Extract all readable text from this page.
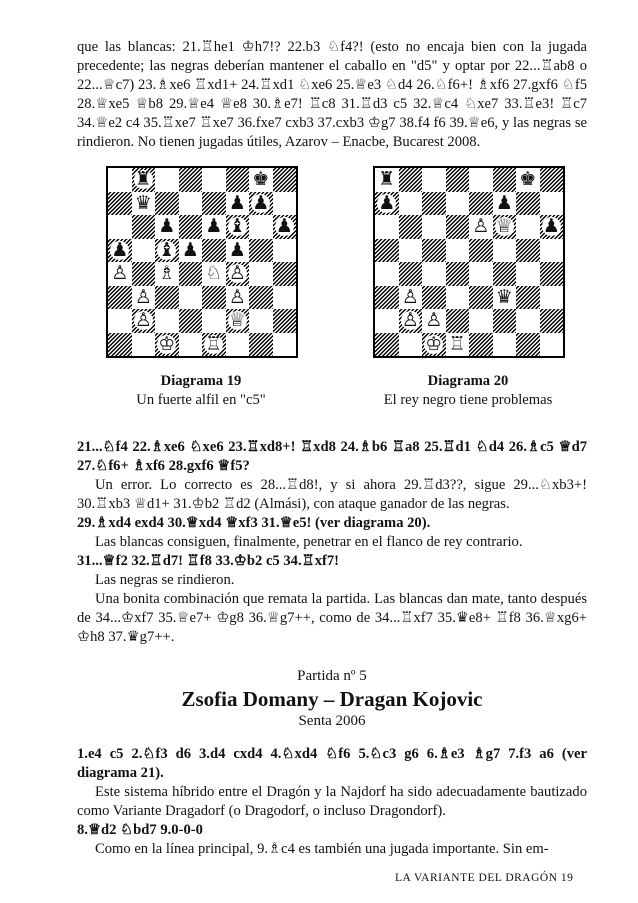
que las blancas: 21.♖he1 ♔h7!? 22.b3 ♘f4?! (esto no encaja bien con la jugada precedente; las negras deberían mantener el caballo en "d5" y optar por 22...♖ab8 o 22...♕c7) 23.♗xe6 ♖xd1+ 24.♖xd1 ♘xe6 25.♕e3 ♘d4 26.♘f6+! ♗xf6 27.gxf6 ♘f5 28.♕xe5 ♕b8 29.♕e4 ♕e8 30.♗e7! ♖c8 31.♖d3 c5 32.♕c4 ♘xe7 33.♖e3! ♖c7 34.♕e2 c4 35.♖xe7 ♖xe7 36.fxe7 cxb3 37.cxb3 ♔g7 38.f4 f6 39.♕e6, y las negras se rindieron. No tienen jugadas útiles, Azarov – Enacbe, Bucarest 2008.

♜	♚
♛	♟ ♟
♟ ♟ ♝ ♟
♟ ♝ ♟ ♟
♙ ♗ ♘ ♙
♙	♙
♙	♕
♔ ♖
♜	♚
♟	♟
♙ ♕ ♟
♙	♛
♙ ♙
♔ ♖
Diagrama 19
Un fuerte alfil en "c5"
Diagrama 20
El rey negro tiene problemas

21...♘f4 22.♗xe6 ♘xe6 23.♖xd8+! ♖xd8 24.♗b6 ♖a8 25.♖d1 ♘d4 26.♗c5 ♕d7 27.♘f6+ ♗xf6 28.gxf6 ♕f5?

Un error. Lo correcto es 28...♖d8!, y si ahora 29.♖d3??, sigue 29...♘xb3+! 30.♖xb3 ♕d1+ 31.♔b2 ♖d2 (Almási), con ataque ganador de las negras.

29.♗xd4 exd4 30.♕xd4 ♕xf3 31.♕e5! (ver diagrama 20).

Las blancas consiguen, finalmente, penetrar en el flanco de rey contrario.

31...♕f2 32.♖d7! ♖f8 33.♔b2 c5 34.♖xf7!

Las negras se rindieron.

Una bonita combinación que remata la partida. Las blancas dan mate, tanto después de 34...♔xf7 35.♕e7+ ♔g8 36.♕g7++, como de 34...♖xf7 35.♛e8+ ♖f8 36.♕xg6+ ♔h8 37.♛g7++.

Partida nº 5
Zsofia Domany – Dragan Kojovic
Senta 2006

1.e4 c5 2.♘f3 d6 3.d4 cxd4 4.♘xd4 ♘f6 5.♘c3 g6 6.♗e3 ♗g7 7.f3 a6 (ver diagrama 21).

Este sistema híbrido entre el Dragón y la Najdorf ha sido adecuadamente bautizado como Variante Dragadorf (o Dragodorf, o incluso Dragondorf).

8.♕d2 ♘bd7 9.0-0-0

Como en la línea principal, 9.♗c4 es también una jugada importante. Sin em-

LA VARIANTE DEL DRAGÓN 19
